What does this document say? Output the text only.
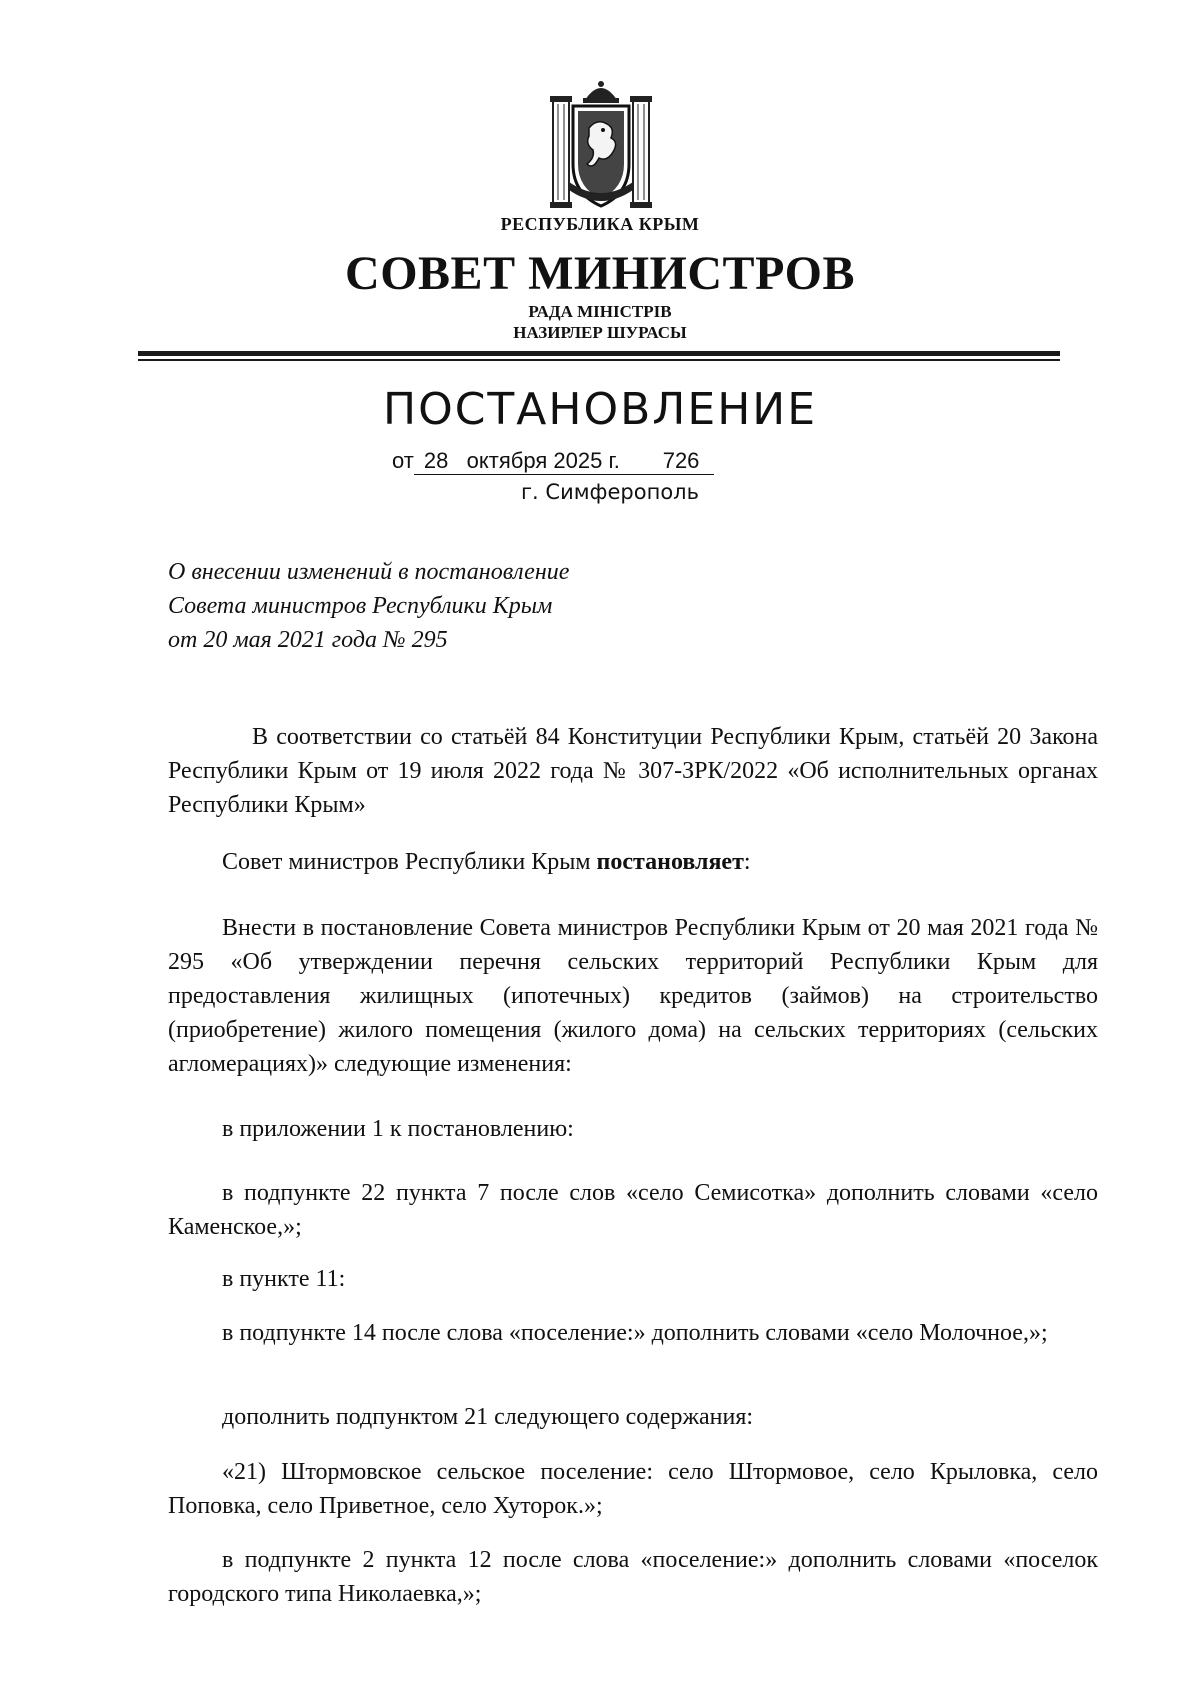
РЕСПУБЛИКА КРЫМ
СОВЕТ МИНИСТРОВ
РАДА МІНІСТРІВ
НАЗИРЛЕР ШУРАСЫ
ПОСТАНОВЛЕНИЕ
от 28 октября 2025 г. 726
г. Симферополь
О внесении изменений в постановление
Совета министров Республики Крым
от 20 мая 2021 года № 295

В соответствии со статьёй 84 Конституции Республики Крым, статьёй 20 Закона Республики Крым от 19 июля 2022 года № 307-ЗРК/2022 «Об исполнительных органах Республики Крым»

Совет министров Республики Крым постановляет:

Внести в постановление Совета министров Республики Крым от 20 мая 2021 года № 295 «Об утверждении перечня сельских территорий Республики Крым для предоставления жилищных (ипотечных) кредитов (займов) на строительство (приобретение) жилого помещения (жилого дома) на сельских территориях (сельских агломерациях)» следующие изменения:

в приложении 1 к постановлению:

в подпункте 22 пункта 7 после слов «село Семисотка» дополнить словами «село Каменское,»;

в пункте 11:

в подпункте 14 после слова «поселение:» дополнить словами «село Молочное,»;

дополнить подпунктом 21 следующего содержания:

«21) Штормовское сельское поселение: село Штормовое, село Крыловка, село Поповка, село Приветное, село Хуторок.»;

в подпункте 2 пункта 12 после слова «поселение:» дополнить словами «поселок городского типа Николаевка,»;
